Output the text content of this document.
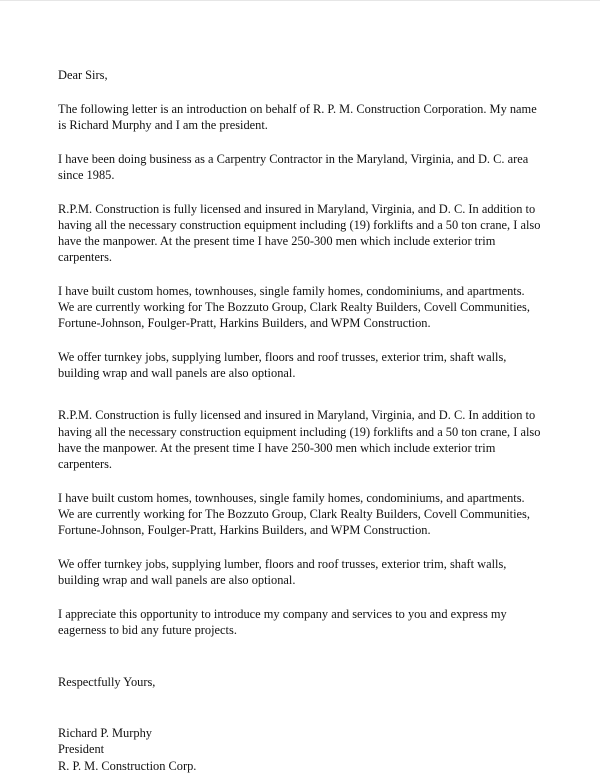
Dear Sirs,

The following letter is an introduction on behalf of R. P. M. Construction Corporation. My name
is Richard Murphy and I am the president.

I have been doing business as a Carpentry Contractor in the Maryland, Virginia, and D. C. area
since 1985.

R.P.M. Construction is fully licensed and insured in Maryland, Virginia, and D. C. In addition to
having all the necessary construction equipment including (19) forklifts and a 50 ton crane, I also
have the manpower. At the present time I have 250-300 men which include exterior trim
carpenters.

I have built custom homes, townhouses, single family homes, condominiums, and apartments.
We are currently working for The Bozzuto Group, Clark Realty Builders, Covell Communities,
Fortune-Johnson, Foulger-Pratt, Harkins Builders, and WPM Construction.

We offer turnkey jobs, supplying lumber, floors and roof trusses, exterior trim, shaft walls,
building wrap and wall panels are also optional.

R.P.M. Construction is fully licensed and insured in Maryland, Virginia, and D. C. In addition to
having all the necessary construction equipment including (19) forklifts and a 50 ton crane, I also
have the manpower. At the present time I have 250-300 men which include exterior trim
carpenters.

I have built custom homes, townhouses, single family homes, condominiums, and apartments.
We are currently working for The Bozzuto Group, Clark Realty Builders, Covell Communities,
Fortune-Johnson, Foulger-Pratt, Harkins Builders, and WPM Construction.

We offer turnkey jobs, supplying lumber, floors and roof trusses, exterior trim, shaft walls,
building wrap and wall panels are also optional.

I appreciate this opportunity to introduce my company and services to you and express my
eagerness to bid any future projects.

Respectfully Yours,

Richard P. Murphy
President
R. P. M. Construction Corp.
